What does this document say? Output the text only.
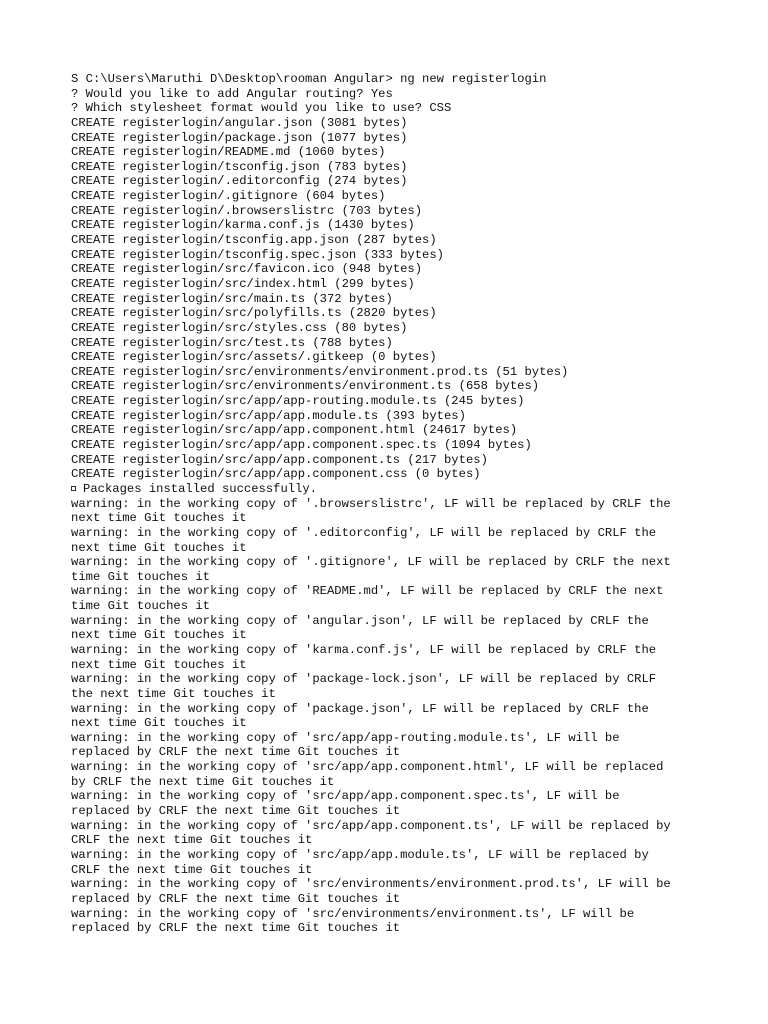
S C:\Users\Maruthi D\Desktop\rooman Angular> ng new registerlogin
? Would you like to add Angular routing? Yes
? Which stylesheet format would you like to use? CSS
CREATE registerlogin/angular.json (3081 bytes)
CREATE registerlogin/package.json (1077 bytes)
CREATE registerlogin/README.md (1060 bytes)
CREATE registerlogin/tsconfig.json (783 bytes)
CREATE registerlogin/.editorconfig (274 bytes)
CREATE registerlogin/.gitignore (604 bytes)
CREATE registerlogin/.browserslistrc (703 bytes)
CREATE registerlogin/karma.conf.js (1430 bytes)
CREATE registerlogin/tsconfig.app.json (287 bytes)
CREATE registerlogin/tsconfig.spec.json (333 bytes)
CREATE registerlogin/src/favicon.ico (948 bytes)
CREATE registerlogin/src/index.html (299 bytes)
CREATE registerlogin/src/main.ts (372 bytes)
CREATE registerlogin/src/polyfills.ts (2820 bytes)
CREATE registerlogin/src/styles.css (80 bytes)
CREATE registerlogin/src/test.ts (788 bytes)
CREATE registerlogin/src/assets/.gitkeep (0 bytes)
CREATE registerlogin/src/environments/environment.prod.ts (51 bytes)
CREATE registerlogin/src/environments/environment.ts (658 bytes)
CREATE registerlogin/src/app/app-routing.module.ts (245 bytes)
CREATE registerlogin/src/app/app.module.ts (393 bytes)
CREATE registerlogin/src/app/app.component.html (24617 bytes)
CREATE registerlogin/src/app/app.component.spec.ts (1094 bytes)
CREATE registerlogin/src/app/app.component.ts (217 bytes)
CREATE registerlogin/src/app/app.component.css (0 bytes)
Packages installed successfully.
warning: in the working copy of '.browserslistrc', LF will be replaced by CRLF the
next time Git touches it
warning: in the working copy of '.editorconfig', LF will be replaced by CRLF the
next time Git touches it
warning: in the working copy of '.gitignore', LF will be replaced by CRLF the next
time Git touches it
warning: in the working copy of 'README.md', LF will be replaced by CRLF the next
time Git touches it
warning: in the working copy of 'angular.json', LF will be replaced by CRLF the
next time Git touches it
warning: in the working copy of 'karma.conf.js', LF will be replaced by CRLF the
next time Git touches it
warning: in the working copy of 'package-lock.json', LF will be replaced by CRLF
the next time Git touches it
warning: in the working copy of 'package.json', LF will be replaced by CRLF the
next time Git touches it
warning: in the working copy of 'src/app/app-routing.module.ts', LF will be
replaced by CRLF the next time Git touches it
warning: in the working copy of 'src/app/app.component.html', LF will be replaced
by CRLF the next time Git touches it
warning: in the working copy of 'src/app/app.component.spec.ts', LF will be
replaced by CRLF the next time Git touches it
warning: in the working copy of 'src/app/app.component.ts', LF will be replaced by
CRLF the next time Git touches it
warning: in the working copy of 'src/app/app.module.ts', LF will be replaced by
CRLF the next time Git touches it
warning: in the working copy of 'src/environments/environment.prod.ts', LF will be
replaced by CRLF the next time Git touches it
warning: in the working copy of 'src/environments/environment.ts', LF will be
replaced by CRLF the next time Git touches it
